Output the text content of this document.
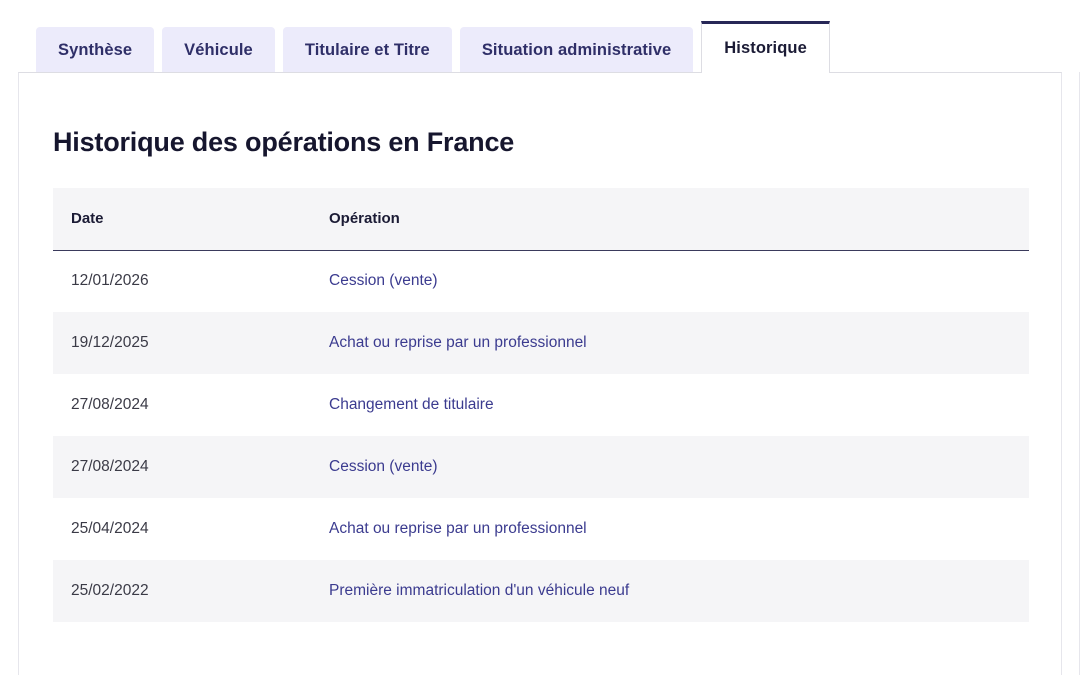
Synthèse	Véhicule	Titulaire et Titre	Situation administrative	Historique
Historique des opérations en France
Date	Opération
12/01/2026	Cession (vente)
19/12/2025	Achat ou reprise par un professionnel
27/08/2024	Changement de titulaire
27/08/2024	Cession (vente)
25/04/2024	Achat ou reprise par un professionnel
25/02/2022	Première immatriculation d'un véhicule neuf
